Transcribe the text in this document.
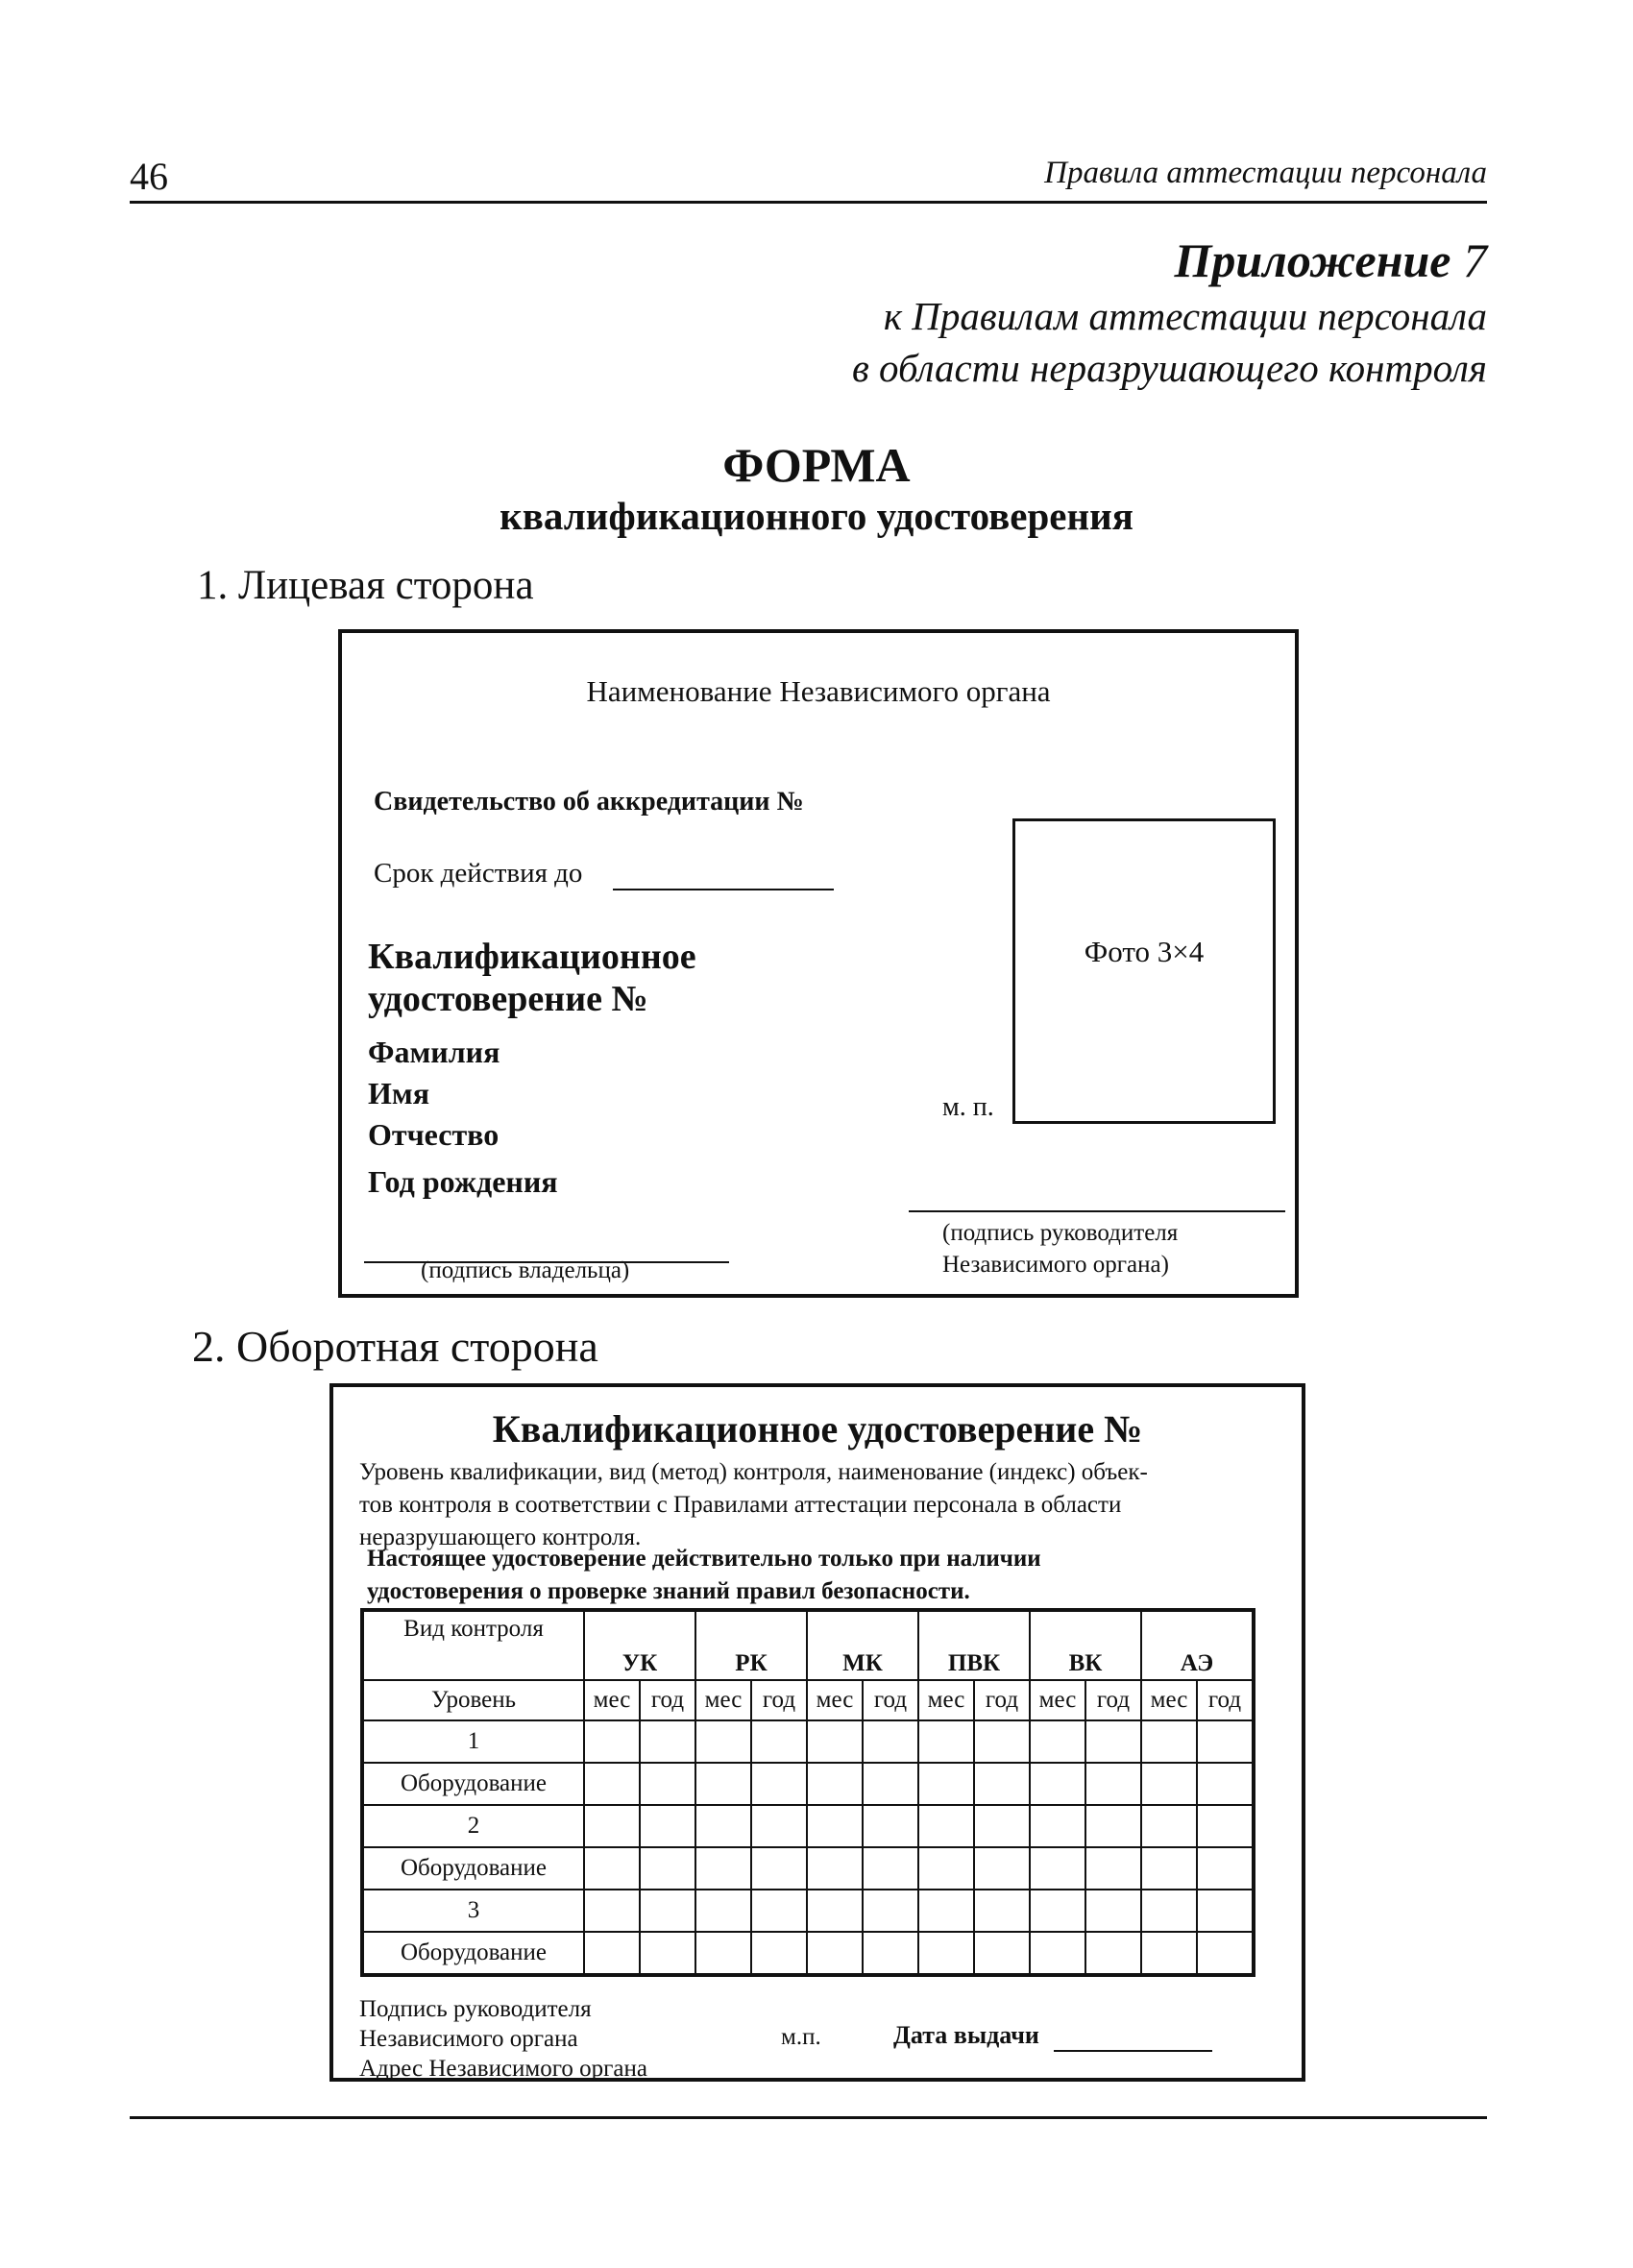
46	Правила аттестации персонала
Приложение 7
к Правилам аттестации персонала
в области неразрушающего контроля
ФОРМА
квалификационного удостоверения
1. Лицевая сторона
Наименование Независимого органа
Свидетельство об аккредитации №
Срок действия до
Квалификационное
удостоверение №
Фамилия
Имя
Отчество
Год рождения
Фото 3×4
м. п.
(подпись руководителя
Независимого органа)
(подпись владельца)
2. Оборотная сторона
Квалификационное удостоверение №
Уровень квалификации, вид (метод) контроля, наименование (индекс) объек-
тов контроля в соответствии с Правилами аттестации персонала в области
неразрушающего контроля.
Настоящее удостоверение действительно только при наличии
удостоверения о проверке знаний правил безопасности.
Вид контроля	УК		РК		МК		ПВК		ВК		АЭ	
Уровень	мес	год	мес	год	мес	год	мес	год	мес	год	мес	год
1												
Оборудование												
2												
Оборудование												
3												
Оборудование												
Подпись руководителя
Независимого органа
Адрес Независимого органа
м.п.	Дата выдачи
